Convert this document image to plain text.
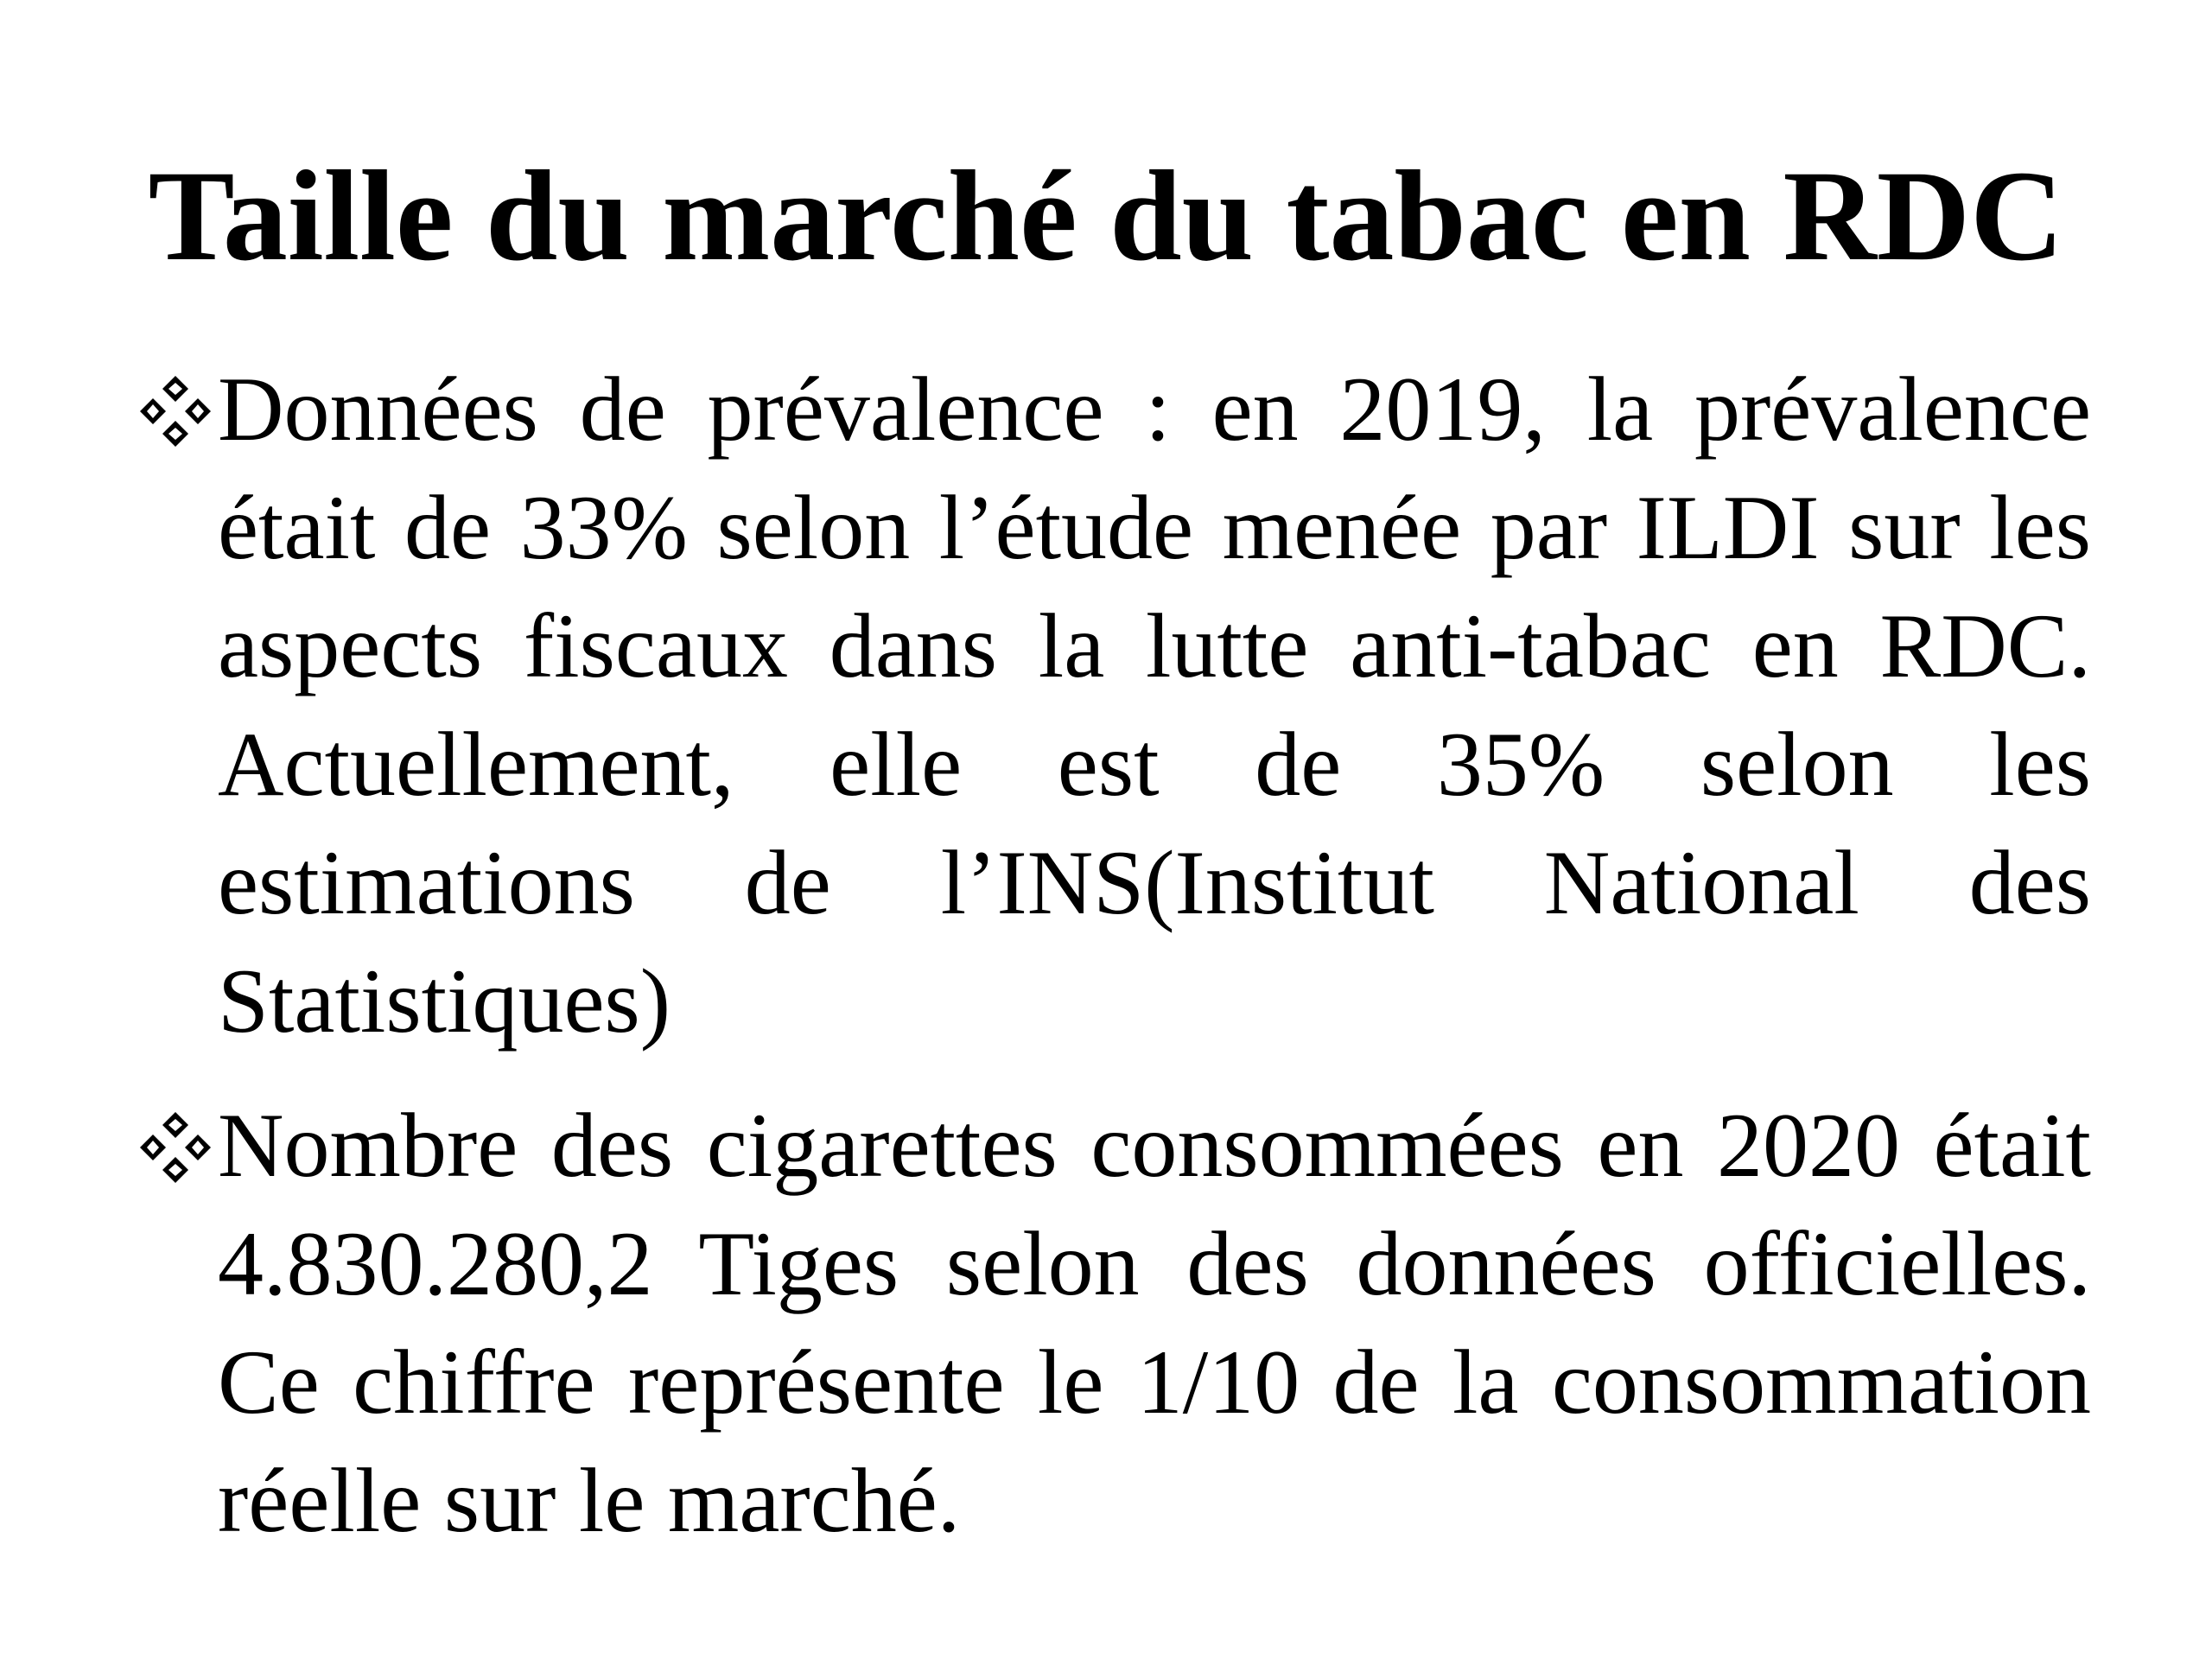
Taille du marché du tabac en RDC

Données de prévalence : en 2019, la prévalence était de 33% selon l’étude menée par ILDI sur les aspects fiscaux dans la lutte anti-tabac en RDC. Actuellement, elle est de 35% selon les estimations de l’INS(Institut National des Statistiques)

Nombre des cigarettes consommées en 2020 était 4.830.280,2 Tiges selon des données officielles. Ce chiffre représente le 1/10 de la consommation réelle sur le marché.
